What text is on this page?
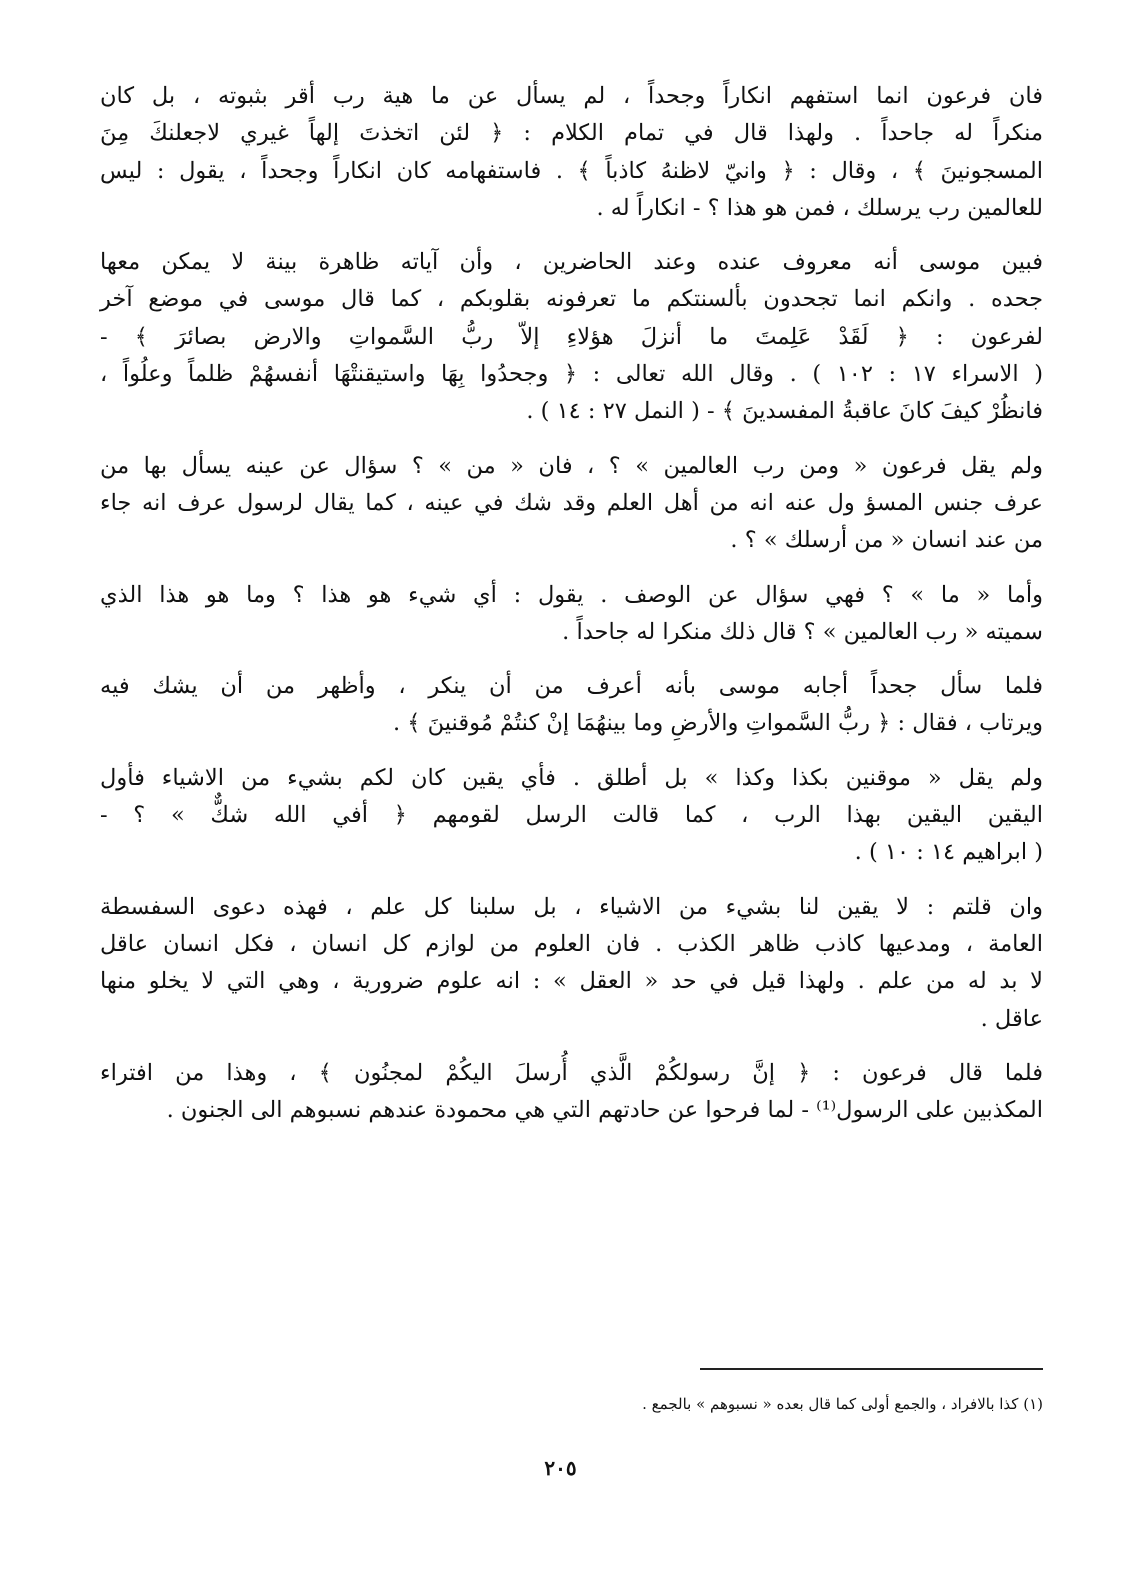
فان فرعون انما استفهم انكاراً وجحداً ، لم يسأل عن ما هية رب أقر بثبوته ، بل كان
منكراً له جاحداً . ولهذا قال في تمام الكلام : ﴿ لئن اتخذتَ إلهاً غيري لاجعلنكَ مِنَ
المسجونينَ ﴾ ، وقال : ﴿ وانيّ لاظنهُ كاذباً ﴾ . فاستفهامه كان انكاراً وجحداً ، يقول : ليس
للعالمين رب يرسلك ، فمن هو هذا ؟ - انكاراً له .

فبين موسى أنه معروف عنده وعند الحاضرين ، وأن آياته ظاهرة بينة لا يمكن معها
جحده . وانكم انما تجحدون بألسنتكم ما تعرفونه بقلوبكم ، كما قال موسى في موضع آخر
لفرعون : ﴿ لَقَدْ عَلِمتَ ما أنزلَ هؤلاءِ إلاّ ربُّ السَّمواتِ والارض بصائرَ ﴾ -
( الاسراء ١٧ : ١٠٢ ) . وقال الله تعالى : ﴿ وجحدُوا بِهَا واستيقنتْهَا أنفسهُمْ ظلماً وعلُواً ،
فانظُرْ كيفَ كانَ عاقبةُ المفسدينَ ﴾ - ( النمل ٢٧ : ١٤ ) .

ولم يقل فرعون « ومن رب العالمين » ؟ ، فان « من » ؟ سؤال عن عينه يسأل بها من
عرف جنس المسؤ ول عنه انه من أهل العلم وقد شك في عينه ، كما يقال لرسول عرف انه جاء
من عند انسان « من أرسلك » ؟ .

وأما « ما » ؟ فهي سؤال عن الوصف . يقول : أي شيء هو هذا ؟ وما هو هذا الذي
سميته « رب العالمين » ؟ قال ذلك منكرا له جاحداً .

فلما سأل جحداً أجابه موسى بأنه أعرف من أن ينكر ، وأظهر من أن يشك فيه
ويرتاب ، فقال : ﴿ ربُّ السَّمواتِ والأرضِ وما بينهُمَا إنْ كنتُمْ مُوقنينَ ﴾ .

ولم يقل « موقنين بكذا وكذا » بل أطلق . فأي يقين كان لكم بشيء من الاشياء فأول
اليقين اليقين بهذا الرب ، كما قالت الرسل لقومهم ﴿ أفي الله شكٌّ » ؟ -
( ابراهيم ١٤ : ١٠ ) .

وان قلتم : لا يقين لنا بشيء من الاشياء ، بل سلبنا كل علم ، فهذه دعوى السفسطة
العامة ، ومدعيها كاذب ظاهر الكذب . فان العلوم من لوازم كل انسان ، فكل انسان عاقل
لا بد له من علم . ولهذا قيل في حد « العقل » : انه علوم ضرورية ، وهي التي لا يخلو منها
عاقل .

فلما قال فرعون : ﴿ إنَّ رسولكُمْ الَّذي أُرسلَ اليكُمْ لمجنُون ﴾ ، وهذا من افتراء
المكذبين على الرسول⁽¹⁾ - لما فرحوا عن حادتهم التي هي محمودة عندهم نسبوهم الى الجنون .

(١) كذا بالافراد ، والجمع أولى كما قال بعده « نسبوهم » بالجمع .
٢٠٥
